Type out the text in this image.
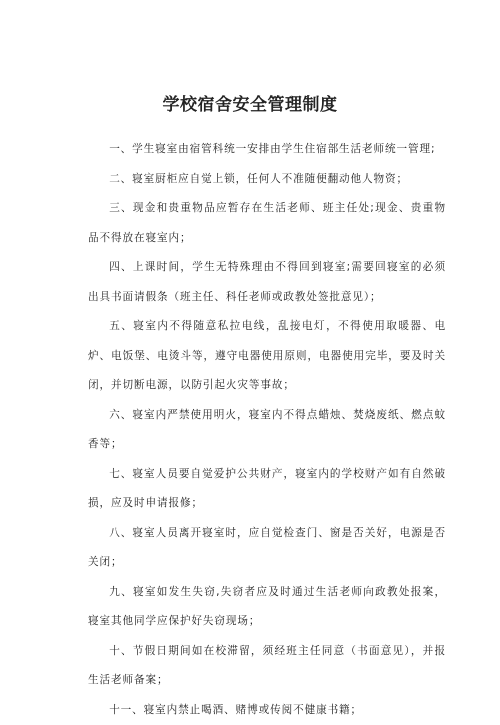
学校宿舍安全管理制度

一、学生寝室由宿管科统一安排由学生住宿部生活老师统一管理;

二、寝室厨柜应自觉上锁，任何人不准随便翻动他人物资；

三、现金和贵重物品应暂存在生活老师、班主任处;现金、贵重物品不得放在寝室内；

四、上课时间，学生无特殊理由不得回到寝室;需要回寝室的必须出具书面请假条（班主任、科任老师或政教处签批意见）；

五、寝室内不得随意私拉电线，乱接电灯，不得使用取暖器、电炉、电饭堡、电烫斗等，遵守电器使用原则，电器使用完毕，要及时关闭，并切断电源，以防引起火灾等事故；

六、寝室内严禁使用明火，寝室内不得点蜡烛、焚烧废纸、燃点蚊香等；

七、寝室人员要自觉爱护公共财产，寝室内的学校财产如有自然破损，应及时申请报修；

八、寝室人员离开寝室时，应自觉检查门、窗是否关好，电源是否关闭；

九、寝室如发生失窃,失窃者应及时通过生活老师向政教处报案，寝室其他同学应保护好失窃现场；

十、节假日期间如在校滞留，须经班主任同意（书面意见），并报生活老师备案；

十一、寝室内禁止喝酒、赌博或传阅不健康书籍；
